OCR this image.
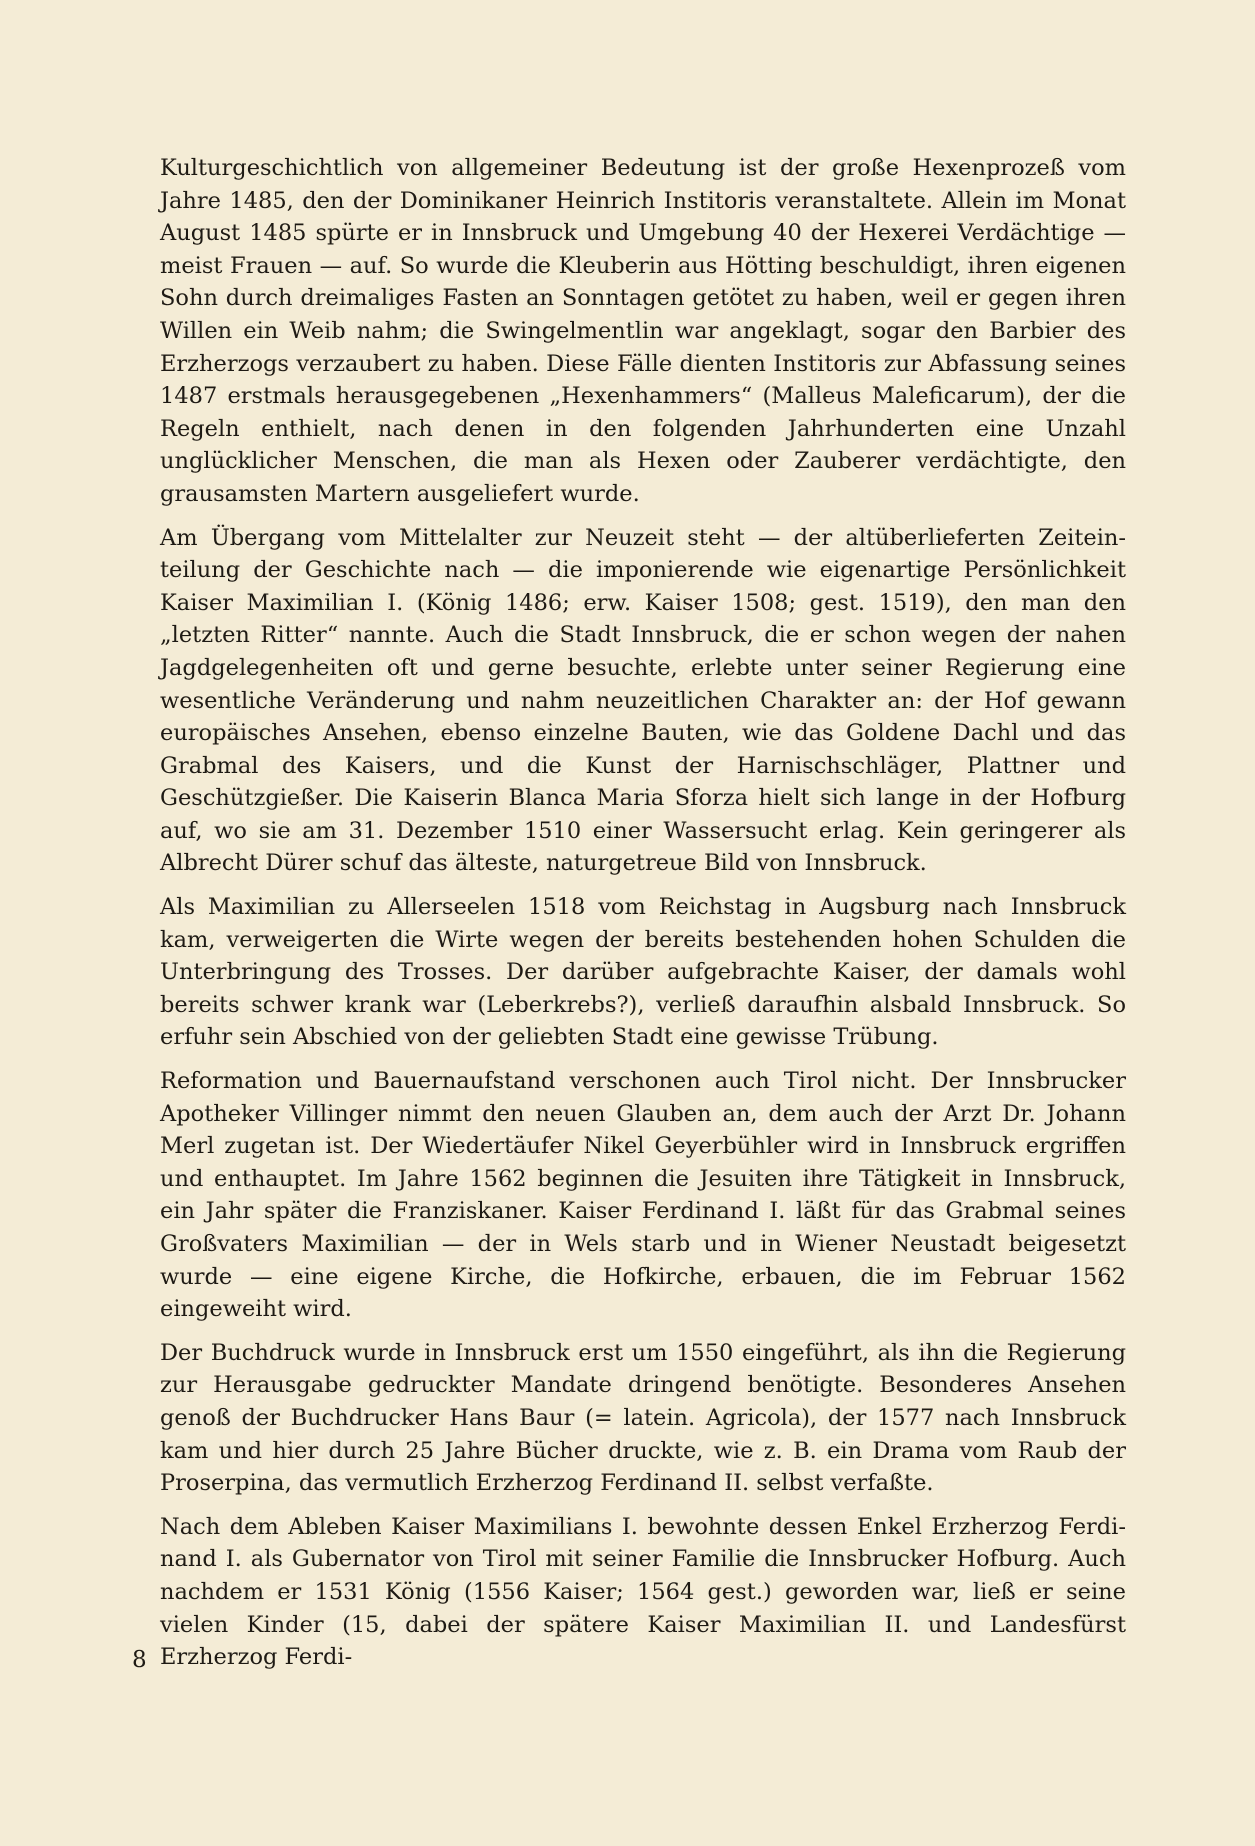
Kulturgeschichtlich von allgemeiner Bedeutung ist der große Hexenprozeß vom Jahre 1485, den der Dominikaner Heinrich Institoris veranstaltete. Allein im Monat August 1485 spürte er in Innsbruck und Umgebung 40 der Hexerei Verdächtige — meist Frauen — auf. So wurde die Kleuberin aus Hötting beschuldigt, ihren eigenen Sohn durch dreimaliges Fasten an Sonntagen getötet zu haben, weil er gegen ihren Willen ein Weib nahm; die Swingelmentlin war angeklagt, sogar den Barbier des Erzherzogs verzaubert zu haben. Diese Fälle dienten Institoris zur Abfassung seines 1487 erstmals herausgegebenen „Hexenhammers“ (Malleus Maleficarum), der die Regeln enthielt, nach denen in den folgenden Jahrhunderten eine Unzahl unglücklicher Menschen, die man als Hexen oder Zauberer verdächtigte, den grausamsten Martern ausgeliefert wurde.

Am Übergang vom Mittelalter zur Neuzeit steht — der altüberlieferten Zeiteinteilung der Geschichte nach — die imponierende wie eigenartige Persönlichkeit Kaiser Maximilian I. (König 1486; erw. Kaiser 1508; gest. 1519), den man den „letzten Ritter“ nannte. Auch die Stadt Innsbruck, die er schon wegen der nahen Jagdgelegenheiten oft und gerne besuchte, erlebte unter seiner Regierung eine wesentliche Veränderung und nahm neuzeitlichen Charakter an: der Hof gewann europäisches Ansehen, ebenso einzelne Bauten, wie das Goldene Dachl und das Grabmal des Kaisers, und die Kunst der Harnischschläger, Plattner und Geschützgießer. Die Kaiserin Blanca Maria Sforza hielt sich lange in der Hofburg auf, wo sie am 31. Dezember 1510 einer Wassersucht erlag. Kein geringerer als Albrecht Dürer schuf das älteste, naturgetreue Bild von Innsbruck.

Als Maximilian zu Allerseelen 1518 vom Reichstag in Augsburg nach Innsbruck kam, verweigerten die Wirte wegen der bereits bestehenden hohen Schulden die Unterbringung des Trosses. Der darüber aufgebrachte Kaiser, der damals wohl bereits schwer krank war (Leberkrebs?), verließ daraufhin alsbald Innsbruck. So erfuhr sein Abschied von der geliebten Stadt eine gewisse Trübung.

Reformation und Bauernaufstand verschonen auch Tirol nicht. Der Innsbrucker Apotheker Villinger nimmt den neuen Glauben an, dem auch der Arzt Dr. Johann Merl zugetan ist. Der Wiedertäufer Nikel Geyerbühler wird in Innsbruck ergriffen und enthauptet. Im Jahre 1562 beginnen die Jesuiten ihre Tätigkeit in Innsbruck, ein Jahr später die Franziskaner. Kaiser Ferdinand I. läßt für das Grabmal seines Großvaters Maximilian — der in Wels starb und in Wiener Neustadt beigesetzt wurde — eine eigene Kirche, die Hofkirche, erbauen, die im Februar 1562 eingeweiht wird.

Der Buchdruck wurde in Innsbruck erst um 1550 eingeführt, als ihn die Regierung zur Herausgabe gedruckter Mandate dringend benötigte. Besonderes Ansehen genoß der Buchdrucker Hans Baur (= latein. Agricola), der 1577 nach Innsbruck kam und hier durch 25 Jahre Bücher druckte, wie z. B. ein Drama vom Raub der Proserpina, das vermutlich Erzherzog Ferdinand II. selbst verfaßte.

Nach dem Ableben Kaiser Maximilians I. bewohnte dessen Enkel Erzherzog Ferdinand I. als Gubernator von Tirol mit seiner Familie die Innsbrucker Hofburg. Auch nachdem er 1531 König (1556 Kaiser; 1564 gest.) geworden war, ließ er seine vielen Kinder (15, dabei der spätere Kaiser Maximilian II. und Landesfürst Erzherzog Ferdi-

8
